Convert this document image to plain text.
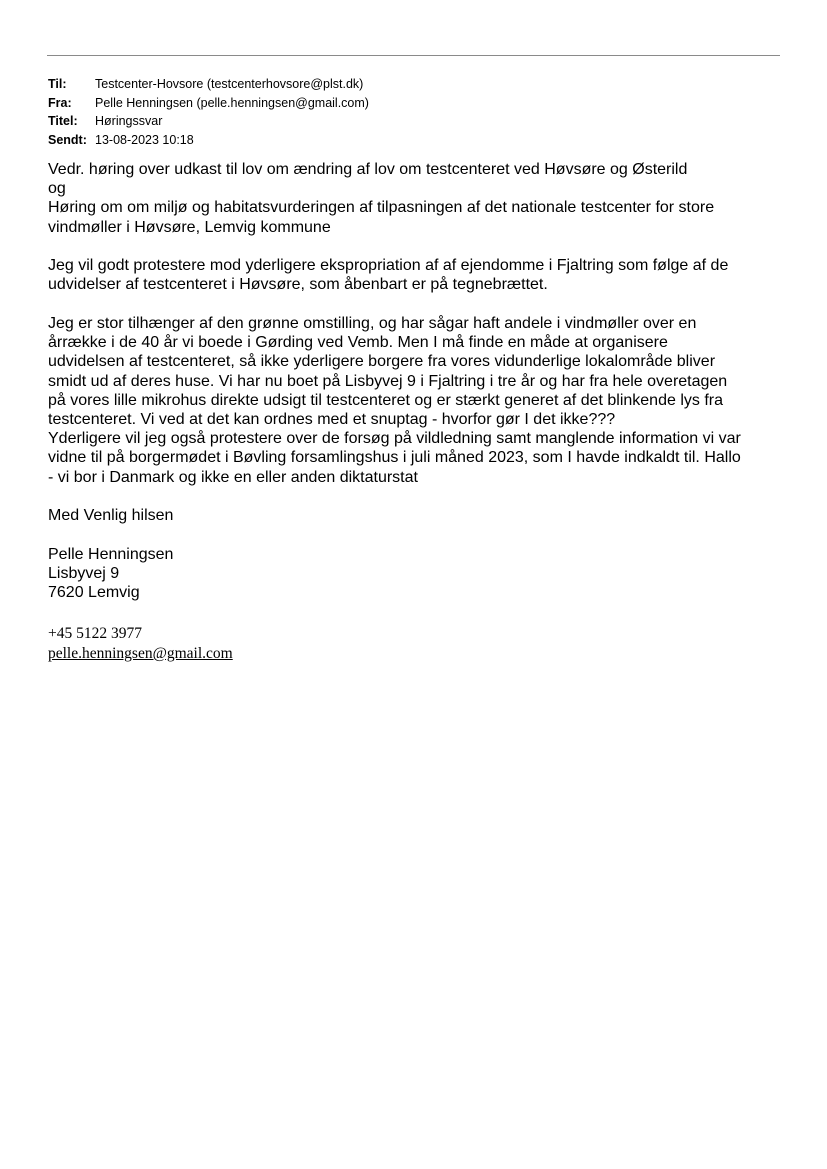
Til:	Testcenter-Hovsore (testcenterhovsore@plst.dk)
Fra:	Pelle Henningsen (pelle.henningsen@gmail.com)
Titel:	Høringssvar
Sendt: 13-08-2023 10:18

Vedr. høring over udkast til lov om ændring af lov om testcenteret ved Høvsøre og Østerild
og
Høring om om miljø og habitatsvurderingen af tilpasningen af det nationale testcenter for store
vindmøller i Høvsøre, Lemvig kommune

Jeg vil godt protestere mod yderligere ekspropriation af af ejendomme i Fjaltring som følge af de
udvidelser af testcenteret i Høvsøre, som åbenbart er på tegnebrættet.

Jeg er stor tilhænger af den grønne omstilling, og har sågar haft andele i vindmøller over en
årrække i de 40 år vi boede i Gørding ved Vemb. Men I må finde en måde at organisere
udvidelsen af testcenteret, så ikke yderligere borgere fra vores vidunderlige lokalområde bliver
smidt ud af deres huse. Vi har nu boet på Lisbyvej 9 i Fjaltring i tre år og har fra hele overetagen
på vores lille mikrohus direkte udsigt til testcenteret og er stærkt generet af det blinkende lys fra
testcenteret. Vi ved at det kan ordnes med et snuptag - hvorfor gør I det ikke???
Yderligere vil jeg også protestere over de forsøg på vildledning samt manglende information vi var
vidne til på borgermødet i Bøvling forsamlingshus i juli måned 2023, som I havde indkaldt til. Hallo
- vi bor i Danmark og ikke en eller anden diktaturstat

Med Venlig hilsen

Pelle Henningsen
Lisbyvej 9
7620 Lemvig

+45 5122 3977
pelle.henningsen@gmail.com
